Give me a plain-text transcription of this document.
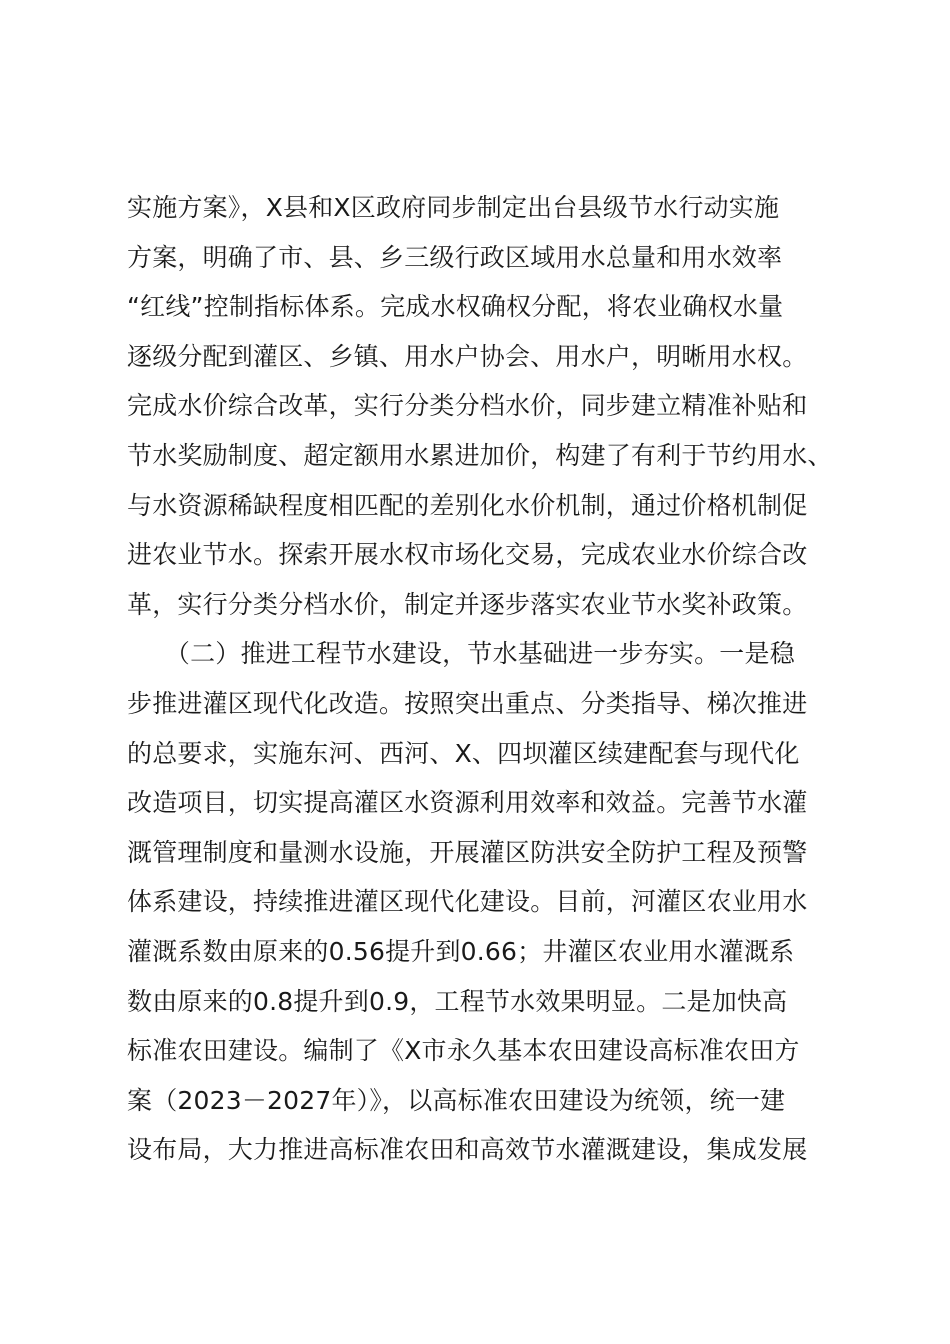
实施方案》，X县和X区政府同步制定出台县级节水行动实施
方案，明确了市、县、乡三级行政区域用水总量和用水效率
“红线”控制指标体系。完成水权确权分配，将农业确权水量
逐级分配到灌区、乡镇、用水户协会、用水户，明晰用水权。
完成水价综合改革，实行分类分档水价，同步建立精准补贴和
节水奖励制度、超定额用水累进加价，构建了有利于节约用水、
与水资源稀缺程度相匹配的差别化水价机制，通过价格机制促
进农业节水。探索开展水权市场化交易，完成农业水价综合改
革，实行分类分档水价，制定并逐步落实农业节水奖补政策。
　　（二）推进工程节水建设，节水基础进一步夯实。一是稳
步推进灌区现代化改造。按照突出重点、分类指导、梯次推进
的总要求，实施东河、西河、X、四坝灌区续建配套与现代化
改造项目，切实提高灌区水资源利用效率和效益。完善节水灌
溉管理制度和量测水设施，开展灌区防洪安全防护工程及预警
体系建设，持续推进灌区现代化建设。目前，河灌区农业用水
灌溉系数由原来的0.56提升到0.66；井灌区农业用水灌溉系
数由原来的0.8提升到0.9，工程节水效果明显。二是加快高
标准农田建设。编制了《X市永久基本农田建设高标准农田方
案（2023－2027年）》，以高标准农田建设为统领，统一建
设布局，大力推进高标准农田和高效节水灌溉建设，集成发展
